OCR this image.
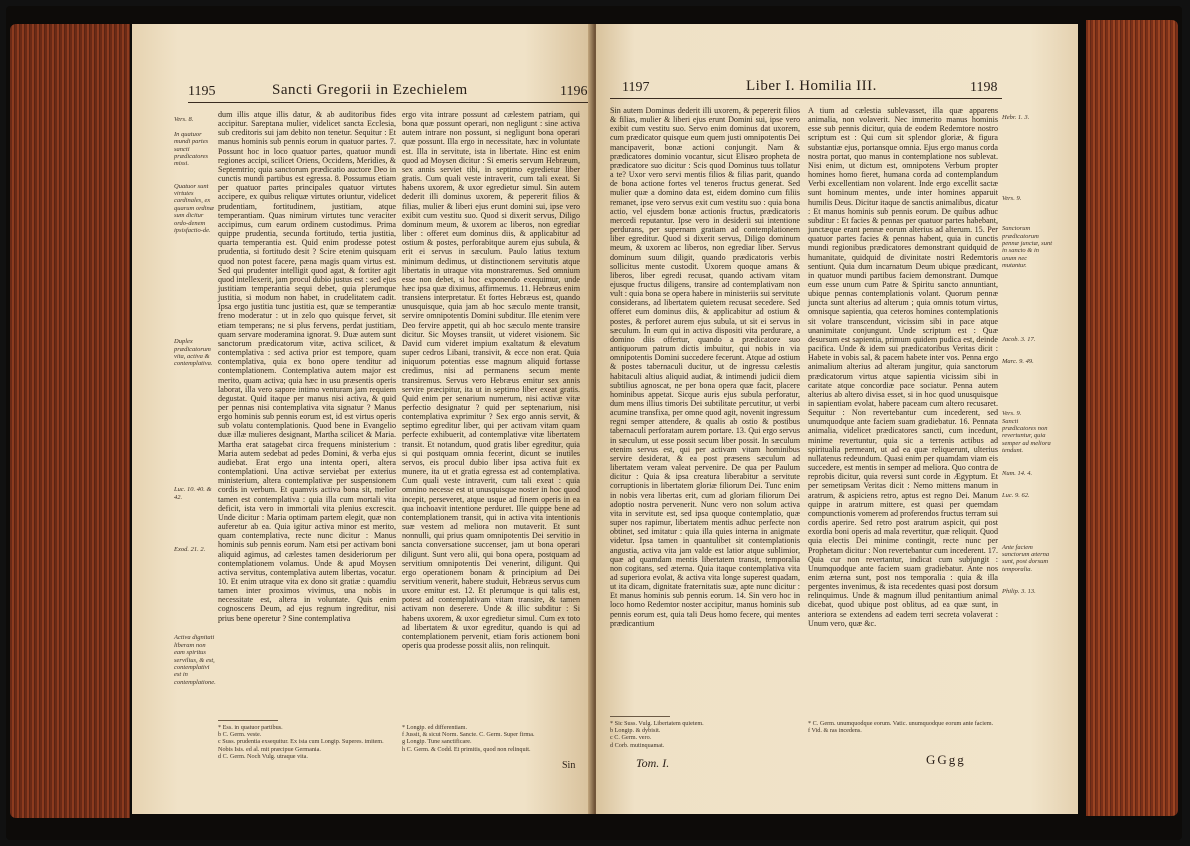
1195	Sancti Gregorii in Ezechielem	1196
Vers. 8.

In quatuor mundi partes sancti prædicatores missi.

Quatuor sunt virtutes cardinales, ex quarum ordinæ sum dicitur ordo-denem ipsisfactio-de.

Duplex prædicatorum vita, activa & contemplativa.

Luc. 10. 40. & 42.

Exod. 21. 2.

Activa dignitati liberam non eam spiritus servilius, & est, contemplativi est in contemplatione.
dum illis atque illis datur, & ab auditoribus fides accipitur. Sareptana mulier, videlicet sancta Ecclesia, sub creditoris sui jam debito non tenetur. Sequitur : Et manus hominis sub pennis eorum in quatuor partes. 7. Possunt hoc in loco quatuor partes, quatuor mundi regiones accipi, scilicet Oriens, Occidens, Meridies, & Septemtrio; quia sanctorum prædicatio auctore Deo in cunctis mundi partibus est egressa. 8. Possumus etiam per quatuor partes principales quatuor virtutes accipere, ex quibus reliquæ virtutes oriuntur, videlicet prudentiam, fortitudinem, justitiam, atque temperantiam. Quas nimirum virtutes tunc veraciter accipimus, cum earum ordinem custodimus. Prima quippe prudentia, secunda fortitudo, tertia justitia, quarta temperantia est. Quid enim prodesse potest prudentia, si fortitudo desit ? Scire etenim quisquam quod non potest facere, pæna magis quam virtus est. Sed qui prudenter intelligit quod agat, & fortiter agit quod intellexerit, jam procul dubio justus est : sed ejus justitiam temperantia sequi debet, quia plerumque justitia, si modum non habet, in crudelitatem cadit. Ipsa ergo justitia tunc justitia est, quæ se temperantiæ freno moderatur : ut in zelo quo quisque fervet, sit etiam temperans; ne si plus fervens, perdat justitiam, quam servare moderamina ignorat. 9. Duæ autem sunt sanctorum prædicatorum vitæ, activa scilicet, & contemplativa : sed activa prior est tempore, quam contemplativa, quia ex bono opere tenditur ad contemplationem. Contemplativa autem major est merito, quam activa; quia hæc in usu præsentis operis laborat, illa vero sapore intimo venturam jam requiem degustat. Quid itaque per manus nisi activa, & quid per pennas nisi contemplativa vita signatur ? Manus ergo hominis sub pennis eorum est, id est virtus operis sub volatu contemplationis. Quod bene in Evangelio duæ illæ mulieres designant, Martha scilicet & Maria. Martha erat satagebat circa frequens ministerium : Maria autem sedebat ad pedes Domini, & verba ejus audiebat. Erat ergo una intenta operi, altera contemplationi. Una activæ serviebat per exterius ministerium, altera contemplativæ per suspensionem cordis in verbum. Et quamvis activa bona sit, melior tamen est contemplativa : quia illa cum mortali vita deficit, ista vero in immortali vita plenius excrescit. Unde dicitur : Maria optimam partem elegit, quæ non auferetur ab ea. Quia igitur activa minor est merito, quam contemplativa, recte nunc dicitur : Manus hominis sub pennis eorum. Nam etsi per activam boni aliquid agimus, ad cælestes tamen desideriorum per contemplationem volamus. Unde & apud Moysen activa servitus, contemplativa autem libertas, vocatur. 10. Et enim utraque vita ex dono sit gratiæ : quamdiu tamen inter proximos vivimus, una nobis in necessitate est, altera in voluntate. Quis enim cognoscens Deum, ad ejus regnum ingreditur, nisi prius bene operetur ? Sine contemplativa
ergo vita intrare possunt ad cælestem patriam, qui bona quæ possunt operari, non negligunt : sine activa autem intrare non possunt, si negligunt bona operari quæ possunt. Illa ergo in necessitate, hæc in voluntate est. Illa in servitute, ista in libertate. Hinc est enim quod ad Moysen dicitur : Si emeris servum Hebræum, sex annis serviet tibi, in septimo egredietur liber gratis. Cum quali veste intraverit, cum tali exeat. Si habens uxorem, & uxor egredietur simul. Sin autem dederit illi dominus uxorem, & pepererit filios & filias, mulier & liberi ejus erunt domini sui, ipse vero exibit cum vestitu suo. Quod si dixerit servus, Diligo dominum meum, & uxorem ac liberos, non egrediar liber : offeret eum dominus diis, & applicabitur ad ostium & postes, perforabitque aurem ejus subula, & erit ei servus in sæculum. Paulo latius textum minimum dedimus, ut distinctionem servitutis atque libertatis in utraque vita monstraremus. Sed omnium esse non debet, si hoc exponendo exequimur, unde hæc ipsa quæ diximus, affirmemus. 11. Hebræus enim transiens interpretatur. Et fortes Hebræus est, quando unusquisque, quia jam ab hoc sæculo mente transit, servire omnipotentis Domini subditur. Ille etenim vere Deo fervire appetit, qui ab hoc sæculo mente transire dicitur. Sic Moyses transiit, ut videret visionem. Sic David cum videret impium exaltatum & elevatum super cedros Libani, transivit, & ecce non erat. Quia iniquorum potentias esse magnum aliquid fortasse credimus, nisi ad permanens secum mente transiremus. Servus vero Hebræus emitur sex annis servire præcipitur, ita ut in septimo liber exeat gratis. Quid enim per senarium numerum, nisi activæ vitæ perfectio designatur ? quid per septenarium, nisi contemplativa exprimitur ? Sex ergo annis servit, & septimo egreditur liber, qui per activam vitam quam perfecte exhibuerit, ad contemplativæ vitæ libertatem transit. Et notandum, quod gratis liber egreditur, quia si qui postquam omnia fecerint, dicunt se inutiles servos, eis procul dubio liber ipsa activa fuit ex munere, ita ut et gratia egressa est ad contemplativa. Cum quali veste intraverit, cum tali exeat : quia omnino necesse est ut unusquisque noster in hoc quod incepit, perseveret, atque usque ad finem operis in ea qua inchoavit intentione perduret. Ille quippe bene ad contemplationem transit, qui in activa vita intentionis suæ vestem ad meliora non mutaverit. Et sunt nonnulli, qui prius quam omnipotentis Dei servitio in sancta conversatione succenser, jam ut bona operari diligunt. Sunt vero alii, qui bona opera, postquam ad servitium omnipotentis Dei venerint, diligunt. Qui ergo operationem bonam & principium ad Dei servitium venerit, habere studuit, Hebræus servus cum uxore emitur est. 12. Et plerumque is qui talis est, potest ad contemplativam vitam transire, & tamen activam non deserere. Unde & illic subditur : Si habens uxorem, & uxor egredietur simul. Cum ex toto ad libertatem & uxor egreditur, quando is qui ad contemplationem pervenit, etiam foris actionem boni operis qua prodesse possit aliis, non relinquit.
* Ess. in quatuor partibus.
b C. Germ. veste.
c Suss. prudentia exsequitur. Ex ista cum Longip. Superes. imitem. Nobis Isis. ed al. mit præcipue Germania.
d C. Germ. Noch Vulg. utraque vita.
* Longip. ed differentiam.
f Jussit, & sicut Norm. Sancte. C. Germ. Super firma.
g Longip. Tune sanctificare.
h C. Germ. & Codd. Et primitis, quod non relinquit.
Sin
1197	Liber I. Homilia III.	1198
Sin autem Dominus dederit illi uxorem, & pepererit filios & filias, mulier & liberi ejus erunt Domini sui, ipse vero exibit cum vestitu suo. Servo enim dominus dat uxorem, cum prædicator quisque eum quem justi omnipotentis Dei mancipaverit, bonæ actioni conjungit. Nam & prædicatores dominio vocantur, sicut Elisæo propheta de prædicatore suo dicitur : Scis quod Dominus tuus tollatur a te? Uxor vero servi mentis filios & filias parit, quando de bona actione fortes vel teneros fructus generat. Sed mulier quæ a domino data est, eidem domino cum filiis remanet, ipse vero servus exit cum vestitu suo : quia bona actio, vel ejusdem bonæ actionis fructus, prædicatoris mercedi reputantur. Ipse vero in desiderii sui intentione perdurans, per supernam gratiam ad contemplationem liber egreditur. Quod si dixerit servus, Diligo dominum meum, & uxorem ac liberos, non egrediar liber. Servus dominum suum diligit, quando prædicatoris verbis sollicitus mente custodit. Uxorem quoque amans & liberos, liber egredi recusat, quando activam vitam ejusque fructus diligens, transire ad contemplativam non vult : quia bona se opera habere in ministeriis sui servitute considerans, ad libertatem quietem recusat secedere. Sed offeret eum dominus diis, & applicabitur ad ostium & postes, & perforet aurem ejus subula, ut sit ei servus in sæculum. In eum qui in activa dispositi vita perdurare, a domino diis offertur, quando a prædicatore suo antiquorum patrum dictis imbuitur, qui nobis in via omnipotentis Domini succedere fecerunt. Atque ad ostium & postes tabernaculi ducitur, ut de ingressu cælestis habitaculi altius aliquid audiat, & intimendi judicii diem subtilius agnoscat, ne per bona opera quæ facit, placere hominibus appetat. Sicque auris ejus subula perforatur, dum mens illius timoris Dei subtilitate percutitur, ut verbi acumine transfixa, per omne quod agit, novenit ingressum regni semper attendere, & qualis ab ostio & postibus tabernaculi perforatam aurem portare. 13. Qui ergo servus in sæculum, ut esse possit secum liber possit. In sæculum etenim servus est, qui per activam vitam hominibus servire desiderat, & ea post præsens sæculum ad libertatem veram valeat pervenire. De qua per Paulum dicitur : Quia & ipsa creatura liberabitur a servitute corruptionis in libertatem gloriæ filiorum Dei. Tunc enim in nobis vera libertas erit, cum ad gloriam filiorum Dei adoptio nostra pervenerit. Nunc vero non solum activa vita in servitute est, sed ipsa quoque contemplatio, quæ super nos rapimur, libertatem mentis adhuc perfecte non obtinet, sed imitatur : quia illa quies interna in anigmate videtur. Ipsa tamen in quantulibet sit contemplationis angustia, activa vita jam valde est latior atque sublimior, quæ ad quamdam mentis libertatem transit, temporalia non cogitans, sed æterna. Quia itaque contemplativa vita ad superiora evolat, & activa vita longe superest quadam, ut ita dicam, dignitate fraternitatis suæ, apte nunc dicitur : Et manus hominis sub pennis eorum. 14. Sin vero hoc in loco homo Redemtor noster accipitur, manus hominis sub pennis eorum est, quia tali Deus homo fecere, qui mentes prædicantium
A tium ad cælestia sublevasset, illa quæ apparens animalia, non volaverit. Nec immerito manus hominis esse sub pennis dicitur, quia de eodem Redemtore nostro scriptum est : Qui cum sit splendor gloriæ, & figura substantiæ ejus, portansque omnia. Ejus ergo manus corda nostra portat, quo manus in contemplatione nos sublevat. Nisi enim, ut dictum est, omnipotens Verbum propter homines homo fieret, humana corda ad contemplandum Verbi excellentiam non volarent. Inde ergo excellit sactæ sunt hominum mentes, unde inter homines apparuit humilis Deus. Dicitur itaque de sanctis animalibus, dicatur : Et manus hominis sub pennis eorum. De quibus adhuc subditur : Et facies & pennas per quatuor partes habebant, junctæque erant pennæ eorum alterius ad alterum. 15. Per quatuor partes facies & pennas habent, quia in cunctis mundi regionibus prædicatores demonstrant quidquid de humanitate, quidquid de divinitate nostri Redemtoris sentiunt. Quia dum incarnatum Deum ubique prædicant, in quatuor mundi partibus faciem demonstrant. Dumque eum esse unum cum Patre & Spiritu sancto annuntiant, ubique pennas contemplationis volant. Quorum pennæ juncta sunt alterius ad alterum ; quia omnis totum virtus, omnisque sapientia, qua ceteros homines contemplationis sit volare transcendunt, vicissim sibi in pace atque unanimitate conjungunt. Unde scriptum est : Quæ desursum est sapientia, primum quidem pudica est, deinde pacifica. Unde & idem sui prædicatoribus Veritas dicit : Habete in vobis sal, & pacem habete inter vos. Penna ergo animalium alterius ad alteram jungitur, quia sanctorum prædicatorum virtus atque sapientia vicissim sibi in caritate atque concordiæ pace sociatur. Penna autem alterius ab altero divisa esset, si in hoc quod unusquisque in sapientiam evolat, habere paceam cum altero recusaret. Sequitur : Non revertebantur cum incederent, sed unumquodque ante faciem suam gradiebatur. 16. Pennata animalia, videlicet prædicatores sancti, cum incedunt, minime revertuntur, quia sic a terrenis actibus ad spiritualia permeant, ut ad ea quæ reliquerunt, ulterius nullatenus redeundum. Quasi enim per quamdam viam eis succedere, est mentis in semper ad meliora. Quo contra de reprobis dicitur, quia reversi sunt corde in Ægyptum. Et per semetipsam Veritas dicit : Nemo mittens manum in aratrum, & aspiciens retro, aptus est regno Dei. Manum quippe in aratrum mittere, est quasi per quemdam compunctionis vomerem ad proferendos fructus terram sui cordis aperire. Sed retro post aratrum aspicit, qui post exordia boni operis ad mala revertitur, quæ reliquit. Quod quia electis Dei minime contingit, recte nunc per Prophetam dicitur : Non revertebantur cum incederent. 17. Quia cur non revertantur, indicat cum subjungit : Unumquodque ante faciem suam gradiebatur. Ante nos enim æterna sunt, post nos temporalia : quia & illa pergentes invenimus, & ista recedentes quasi post dorsum relinquimus. Unde & magnum illud penitantium animal dicebat, quod ubique post oblitus, ad ea quæ sunt, in anteriora se extendens ad eadem terri secreta volaverat : Unum vero, quæ &c.
Hebr. 1. 3.

Vers. 9.

Sanctorum prædicatorum pennæ junctæ, sunt in sancto & in unum nec mutantur.

Jacob. 3. 17.

Marc. 9. 49.

Vers. 9.
Sancti prædicatores non revertuntur, quia semper ad meliora tendunt.

Num. 14. 4.

Luc. 9. 62.

Ante faciem sanctorum æterna sunt, post dorsum temporalia.

Philip. 3. 13.
* Sic Suss. Vulg. Libertatem quietem.
b Longip. & dybisit.
c C. Germ. vero.
d Corb. mutinquamat.
Tom. I.
* C. Germ. unumquodque eorum. Vatic. unumquodque eorum ante faciem.
f Vid. & ras incedens.
GGgg
